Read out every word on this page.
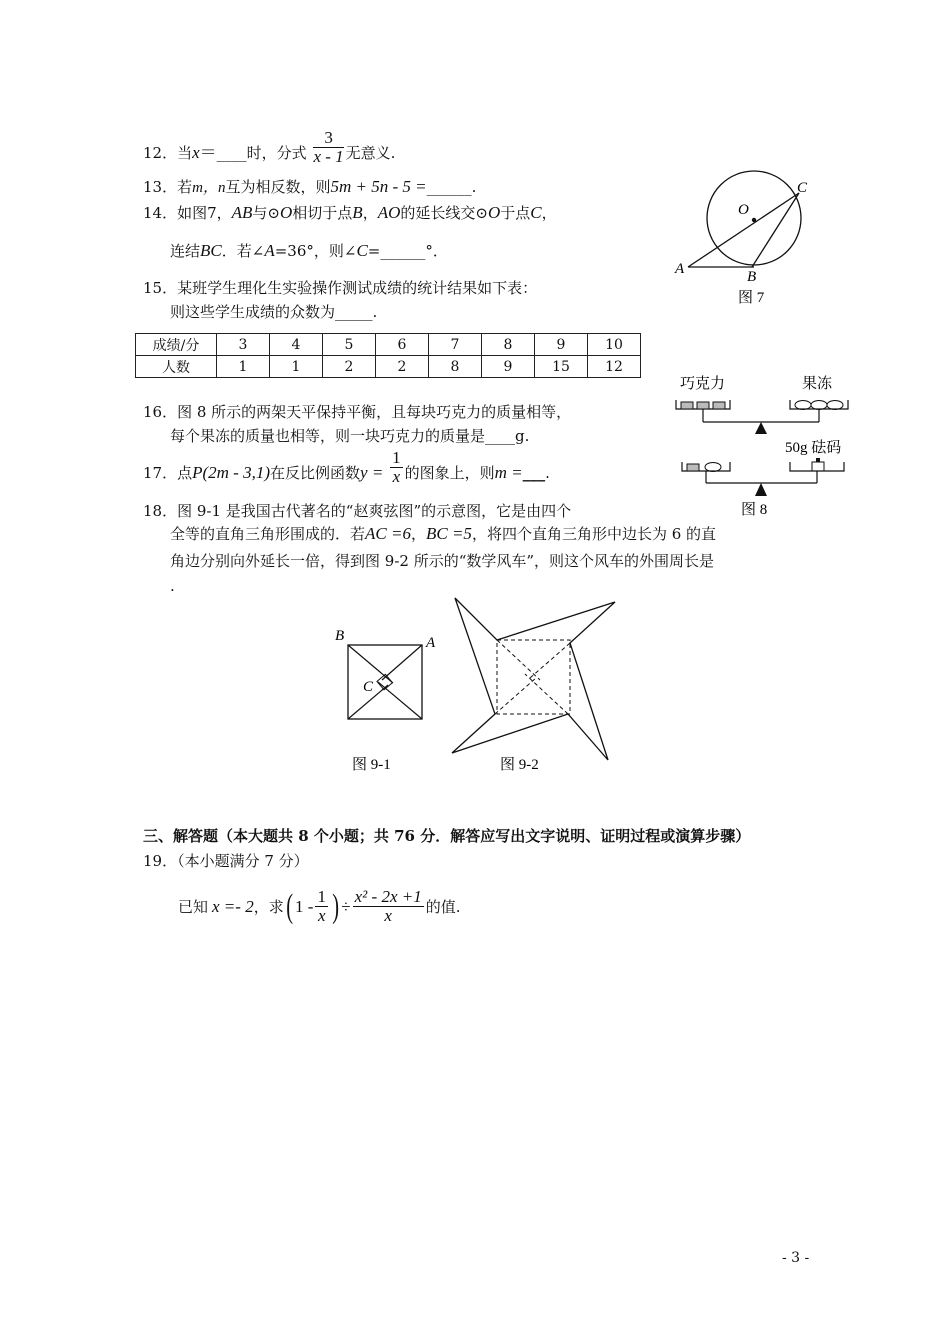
12．当x＝____时，分式 $\frac{3}{x - 1}$ 无意义.
13．若m，n互为相反数，则5m + 5n - 5 =______.
14．如图7，AB与⊙O相切于点B，AO的延长线交⊙O于点C，
连结BC．若∠A=36°，则∠C=______°．
15．某班学生理化生实验操作测试成绩的统计结果如下表：
则这些学生成绩的众数为_____.
成绩/分	3	4	5	6	7	8	9	10
人数	1	1	2	2	8	9	15	12
16．图 8 所示的两架天平保持平衡，且每块巧克力的质量相等，
每个果冻的质量也相等，则一块巧克力的质量是____g.
17．点P(2m - 3,1)在反比例函数$y = \frac{1}{x}$ 的图象上，则m =___.
18．图 9-1 是我国古代著名的“赵爽弦图”的示意图，它是由四个
全等的直角三角形围成的．若AC =6，BC =5，将四个直角三角形中边长为 6 的直
角边分别向外延长一倍，得到图 9-2 所示的“数学风车”，则这个风车的外围周长是
.
O
A	B
C
图 7
巧克力	果冻
50g 砝码
图 8
B	A
C
图 9-1	图 9-2
三、解答题（本大题共 8 个小题；共 76 分．解答应写出文字说明、证明过程或演算步骤）
19．（本小题满分 7 分）
已知 x =- 2 ，求 ( $1 - \frac{1}{x}$ ) ÷ $\frac{\text{x² - 2x +1}}{x}$ 的值.
- 3 -
